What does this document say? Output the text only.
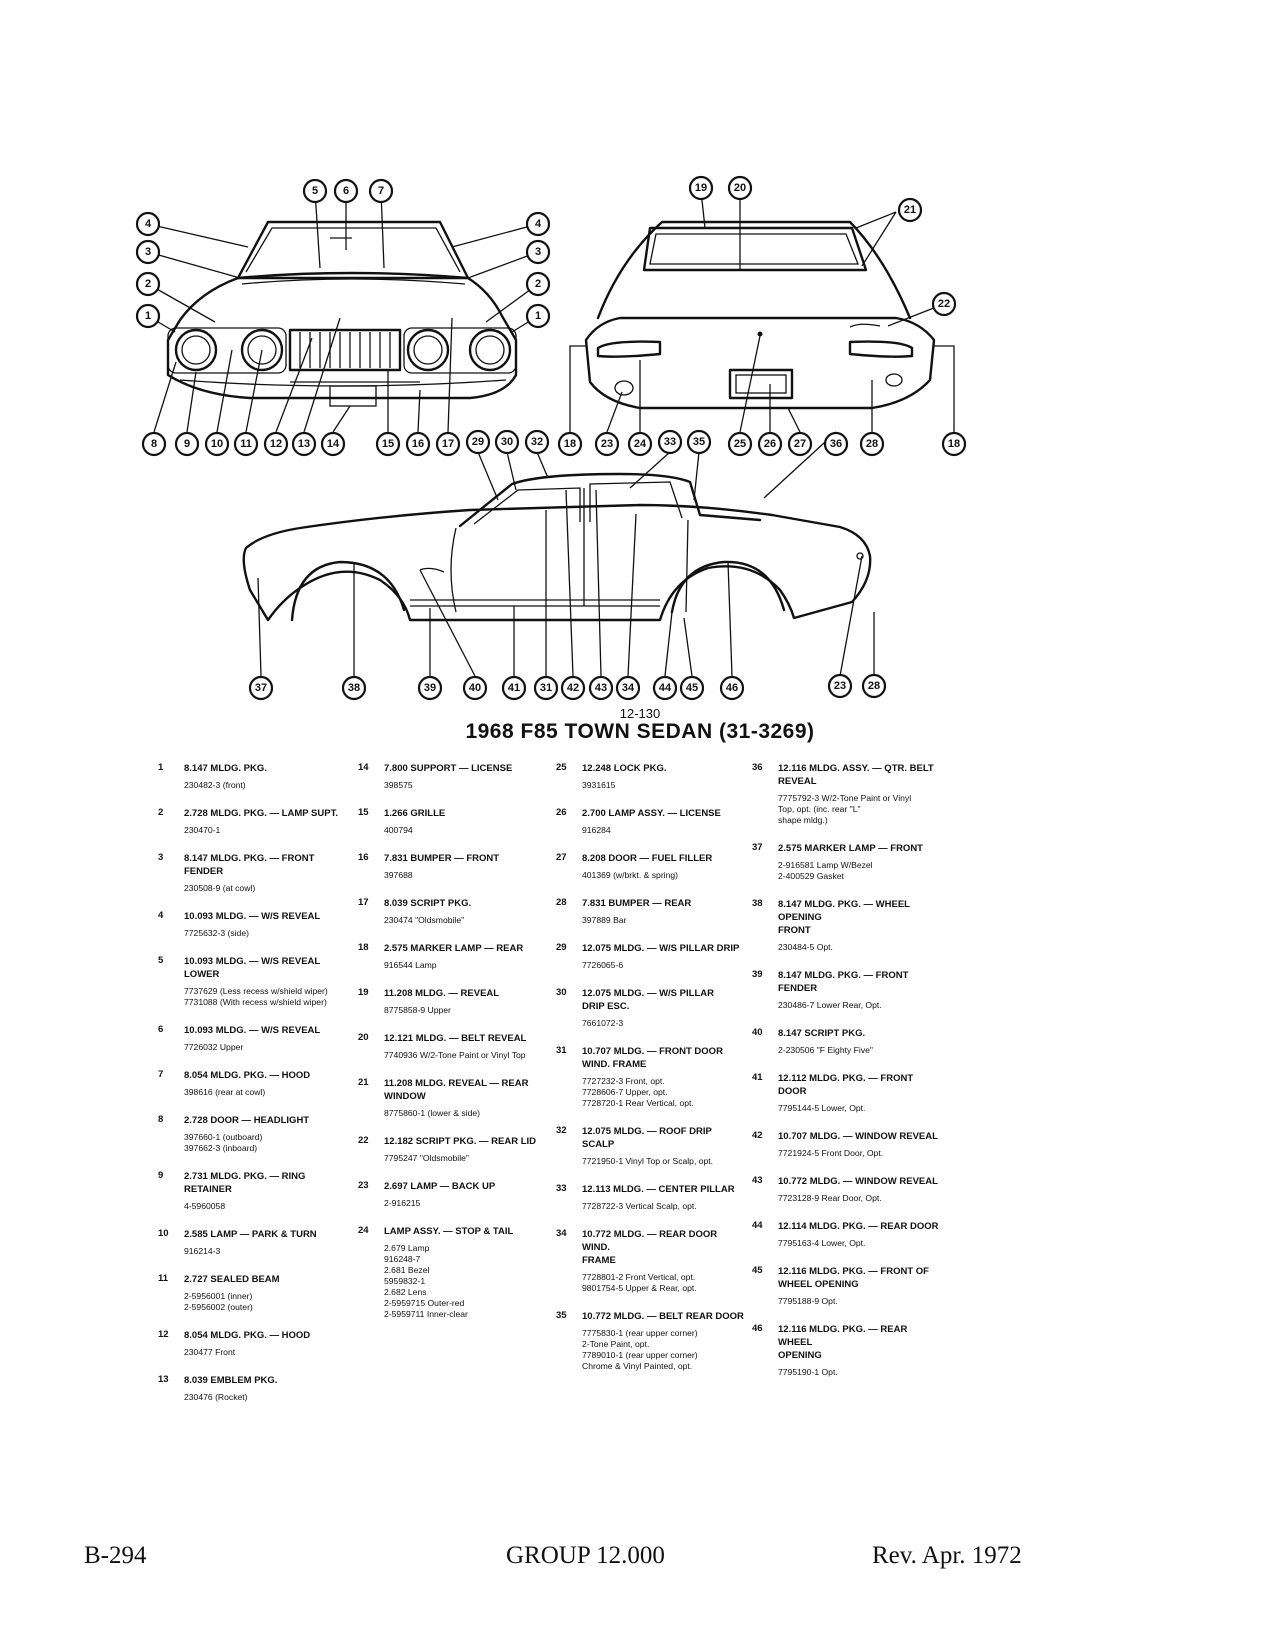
1
2
3
4
5 6	7
8 9 10 11 12 13 14	15 16 17
2
3
4
1
19 20
21
22
18 23 24	25 26 27	28	18
29 30 32	33 35	36
37	38	39	40 41 31 42 43 34 44 45	46	23 28
12-130
1968 F85 TOWN SEDAN (31-3269)
1	8.147 MLDG. PKG.
230482-3 (front)
2	2.728 MLDG. PKG. — LAMP SUPT.
230470-1
3	8.147 MLDG. PKG. — FRONT FENDER
230508-9 (at cowl)
4	10.093 MLDG. — W/S REVEAL
7725632-3 (side)
5	10.093 MLDG. — W/S REVEAL LOWER
7737629 (Less recess w/shield wiper)
7731088 (With recess w/shield wiper)
6	10.093 MLDG. — W/S REVEAL
7726032 Upper
7	8.054 MLDG. PKG. — HOOD
398616 (rear at cowl)
8	2.728 DOOR — HEADLIGHT
397660-1 (outboard)
397662-3 (inboard)
9	2.731 MLDG. PKG. — RING RETAINER
4-5960058
10	2.585 LAMP — PARK & TURN
916214-3
11	2.727 SEALED BEAM
2-5956001 (inner)
2-5956002 (outer)
12	8.054 MLDG. PKG. — HOOD
230477 Front
13	8.039 EMBLEM PKG.
230476 (Rocket)
14	7.800 SUPPORT — LICENSE
398575
15	1.266 GRILLE
400794
16	7.831 BUMPER — FRONT
397688
17	8.039 SCRIPT PKG.
230474 "Oldsmobile"
18	2.575 MARKER LAMP — REAR
916544 Lamp
19	11.208 MLDG. — REVEAL
8775858-9 Upper
20	12.121 MLDG. — BELT REVEAL
7740936 W/2-Tone Paint or Vinyl Top
21	11.208 MLDG. REVEAL — REAR
WINDOW
8775860-1 (lower & side)
22	12.182 SCRIPT PKG. — REAR LID
7795247 "Oldsmobile"
23	2.697 LAMP — BACK UP
2-916215
24	LAMP ASSY. — STOP & TAIL
2.679 Lamp
916248-7
2.681 Bezel
5959832-1
2.682 Lens
2-5959715 Outer-red
2-5959711 Inner-clear
25	12.248 LOCK PKG.
3931615
26	2.700 LAMP ASSY. — LICENSE
916284
27	8.208 DOOR — FUEL FILLER
401369 (w/brkt. & spring)
28	7.831 BUMPER — REAR
397889 Bar
29	12.075 MLDG. — W/S PILLAR DRIP
7726065-6
30	12.075 MLDG. — W/S PILLAR
DRIP ESC.
7661072-3
31	10.707 MLDG. — FRONT DOOR
WIND. FRAME
7727232-3 Front, opt.
7728606-7 Upper, opt.
7728720-1 Rear Vertical, opt.
32	12.075 MLDG. — ROOF DRIP SCALP
7721950-1 Vinyl Top or Scalp, opt.
33	12.113 MLDG. — CENTER PILLAR
7728722-3 Vertical Scalp, opt.
34	10.772 MLDG. — REAR DOOR WIND.
FRAME
7728801-2 Front Vertical, opt.
9801754-5 Upper & Rear, opt.
35	10.772 MLDG. — BELT REAR DOOR
7775830-1 (rear upper corner)
2-Tone Paint, opt.
7789010-1 (rear upper corner)
Chrome & Vinyl Painted, opt.
36	12.116 MLDG. ASSY. — QTR. BELT
REVEAL
7775792-3 W/2-Tone Paint or Vinyl
Top, opt. (inc. rear "L"
shape mldg.)
37	2.575 MARKER LAMP — FRONT
2-916581 Lamp W/Bezel
2-400529 Gasket
38	8.147 MLDG. PKG. — WHEEL OPENING
FRONT
230484-5 Opt.
39	8.147 MLDG. PKG. — FRONT FENDER
230486-7 Lower Rear, Opt.
40	8.147 SCRIPT PKG.
2-230506 "F Eighty Five"
41	12.112 MLDG. PKG. — FRONT DOOR
7795144-5 Lower, Opt.
42	10.707 MLDG. — WINDOW REVEAL
7721924-5 Front Door, Opt.
43	10.772 MLDG. — WINDOW REVEAL
7723128-9 Rear Door, Opt.
44	12.114 MLDG. PKG. — REAR DOOR
7795163-4 Lower, Opt.
45	12.116 MLDG. PKG. — FRONT OF
WHEEL OPENING
7795188-9 Opt.
46	12.116 MLDG. PKG. — REAR WHEEL
OPENING
7795190-1 Opt.
B-294	GROUP 12.000	Rev. Apr. 1972
